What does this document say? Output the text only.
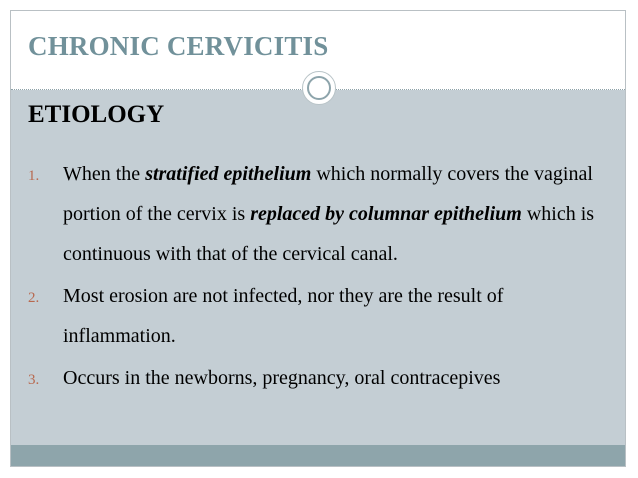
CHRONIC CERVICITIS
ETIOLOGY
1. When the stratified epithelium which normally covers the vaginal portion of the cervix is replaced by columnar epithelium which is continuous with that of the cervical canal.
2. Most erosion are not infected, nor they are the result of inflammation.
3. Occurs in the newborns, pregnancy, oral contracepives
